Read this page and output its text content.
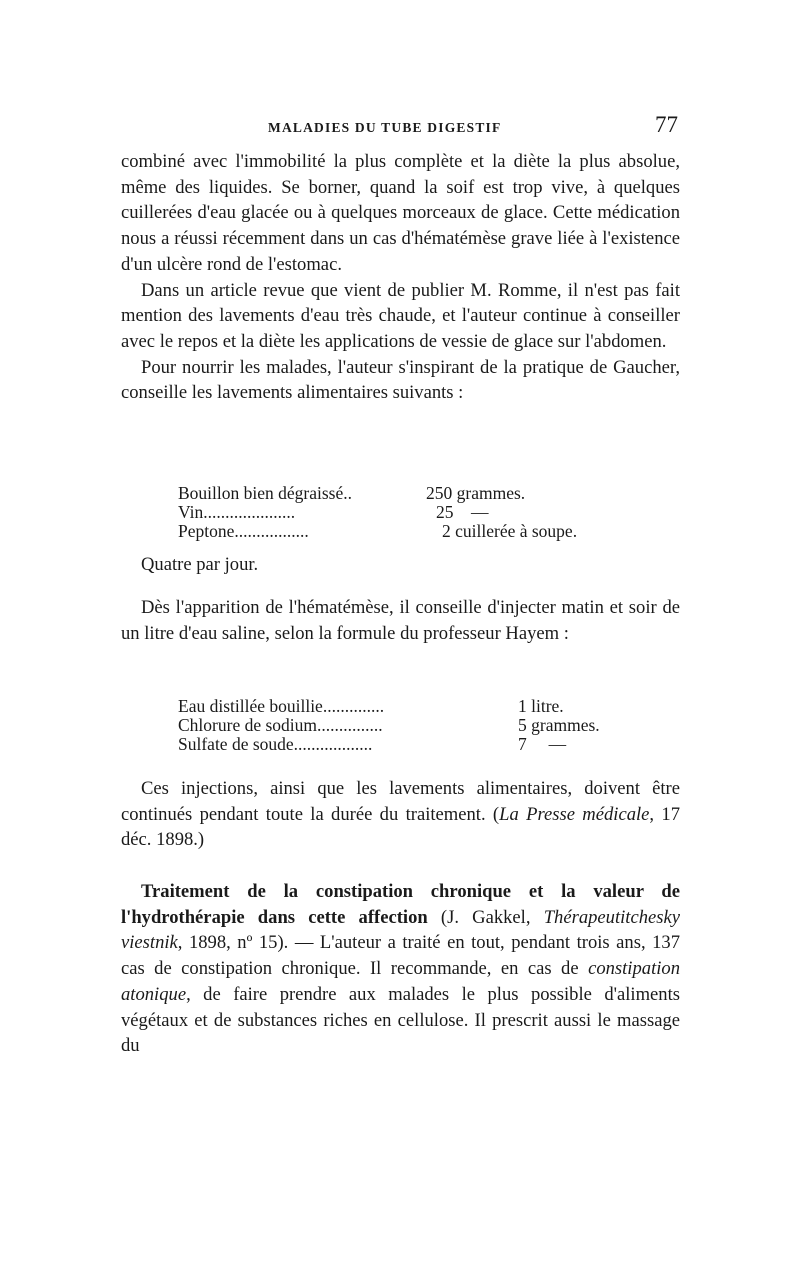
MALADIES DU TUBE DIGESTIF	77

combiné avec l'immobilité la plus complète et la diète la plus absolue, même des liquides. Se borner, quand la soif est trop vive, à quelques cuillerées d'eau glacée ou à quelques morceaux de glace. Cette médication nous a réussi récemment dans un cas d'hématémèse grave liée à l'existence d'un ulcère rond de l'estomac.

Dans un article revue que vient de publier M. Romme, il n'est pas fait mention des lavements d'eau très chaude, et l'auteur continue à conseiller avec le repos et la diète les applications de vessie de glace sur l'abdomen.

Pour nourrir les malades, l'auteur s'inspirant de la pratique de Gaucher, conseille les lavements alimentaires suivants :

Bouillon bien dégraissé..	250 grammes.
Vin.....................	25    —
Peptone.................	2 cuillerée à soupe.
Quatre par jour.

Dès l'apparition de l'hématémèse, il conseille d'injecter matin et soir de un litre d'eau saline, selon la formule du professeur Hayem :

Eau distillée bouillie..............	1 litre.
Chlorure de sodium...............	5 grammes.
Sulfate de soude..................	7     —

Ces injections, ainsi que les lavements alimentaires, doivent être continués pendant toute la durée du traitement. (La Presse médicale, 17 déc. 1898.)

Traitement de la constipation chronique et la valeur de l'hydrothérapie dans cette affection (J. Gakkel, Thérapeutitchesky viestnik, 1898, nº 15). — L'auteur a traité en tout, pendant trois ans, 137 cas de constipation chronique. Il recommande, en cas de constipation atonique, de faire prendre aux malades le plus possible d'aliments végétaux et de substances riches en cellulose. Il prescrit aussi le massage du
